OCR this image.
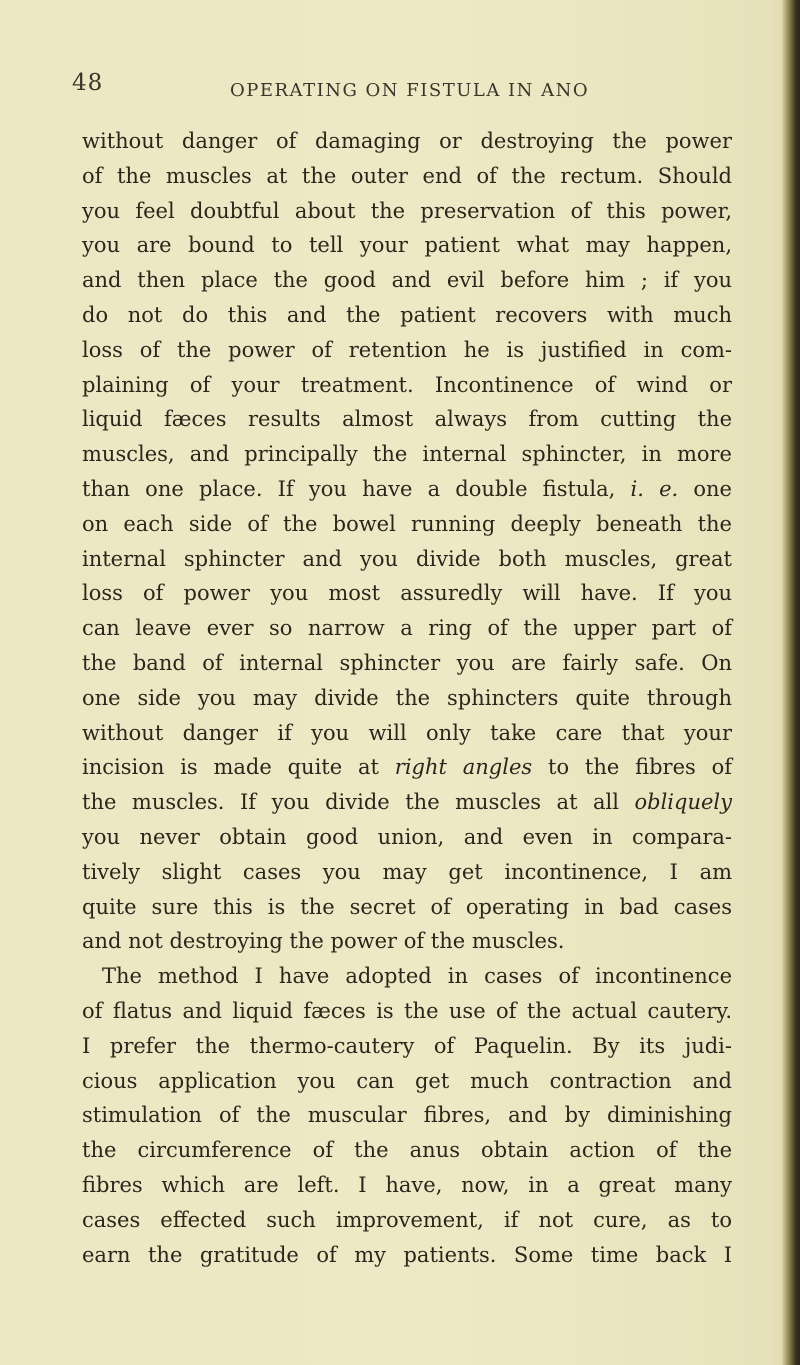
48	OPERATING ON FISTULA IN ANO
without danger of damaging or destroying the power
of the muscles at the outer end of the rectum. Should
you feel doubtful about the preservation of this power,
you are bound to tell your patient what may happen,
and then place the good and evil before him ; if you
do not do this and the patient recovers with much
loss of the power of retention he is justified in com-
plaining of your treatment. Incontinence of wind or
liquid fæces results almost always from cutting the
muscles, and principally the internal sphincter, in more
than one place. If you have a double fistula, i. e. one
on each side of the bowel running deeply beneath the
internal sphincter and you divide both muscles, great
loss of power you most assuredly will have. If you
can leave ever so narrow a ring of the upper part of
the band of internal sphincter you are fairly safe. On
one side you may divide the sphincters quite through
without danger if you will only take care that your
incision is made quite at right angles to the fibres of
the muscles. If you divide the muscles at all obliquely
you never obtain good union, and even in compara-
tively slight cases you may get incontinence, I am
quite sure this is the secret of operating in bad cases
and not destroying the power of the muscles.
The method I have adopted in cases of incontinence
of flatus and liquid fæces is the use of the actual cautery.
I prefer the thermo-cautery of Paquelin. By its judi-
cious application you can get much contraction and
stimulation of the muscular fibres, and by diminishing
the circumference of the anus obtain action of the
fibres which are left. I have, now, in a great many
cases effected such improvement, if not cure, as to
earn the gratitude of my patients. Some time back I
